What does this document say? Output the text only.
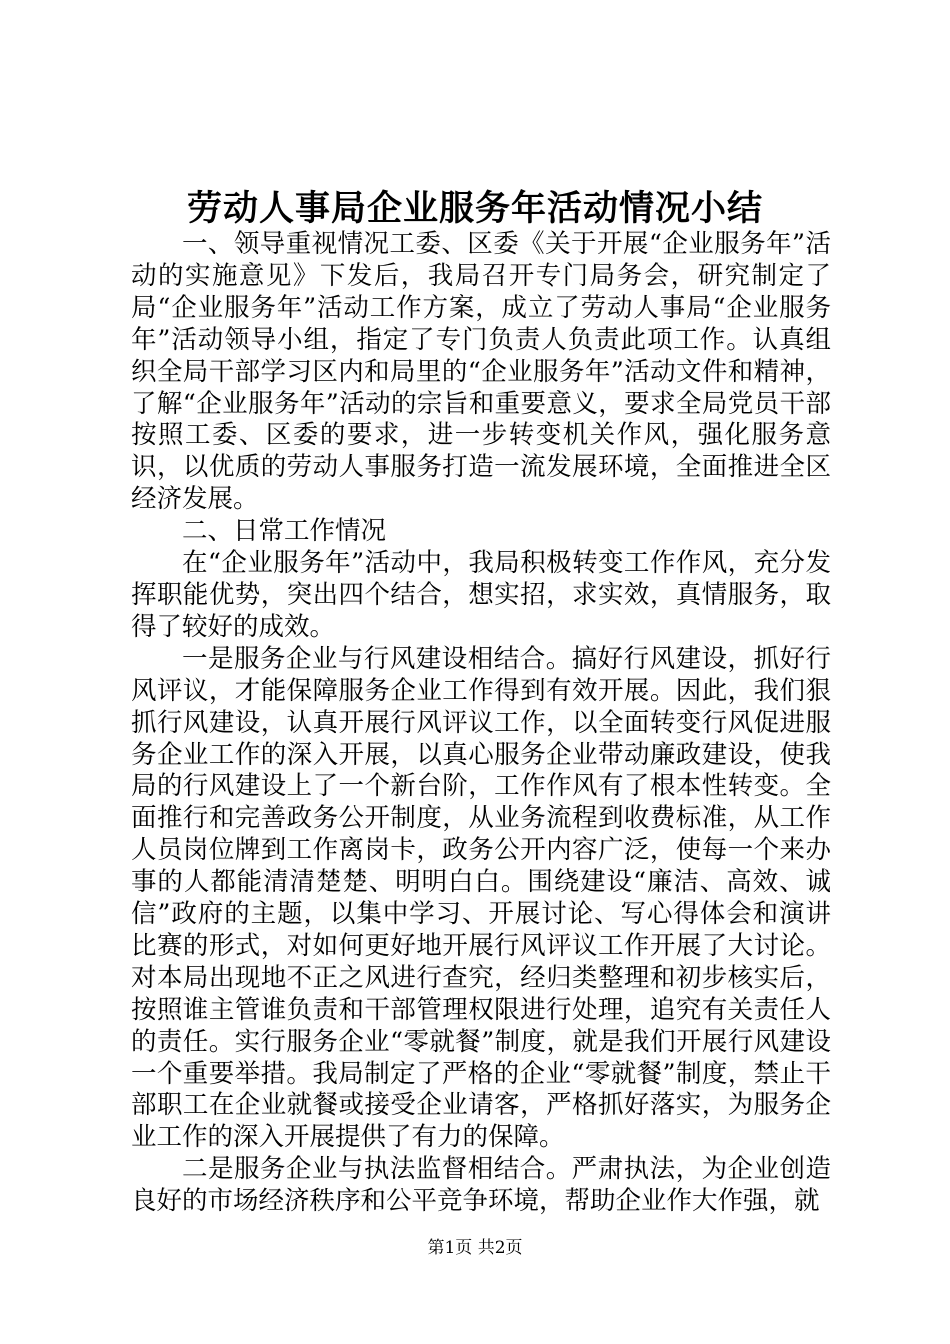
劳动人事局企业服务年活动情况小结

一、领导重视情况工委、区委《关于开展“企业服务年”活动的实施意见》下发后，我局召开专门局务会，研究制定了局“企业服务年”活动工作方案，成立了劳动人事局“企业服务年”活动领导小组，指定了专门负责人负责此项工作。认真组织全局干部学习区内和局里的“企业服务年”活动文件和精神，了解“企业服务年”活动的宗旨和重要意义，要求全局党员干部按照工委、区委的要求，进一步转变机关作风，强化服务意识，以优质的劳动人事服务打造一流发展环境，全面推进全区经济发展。

二、日常工作情况

在“企业服务年”活动中，我局积极转变工作作风，充分发挥职能优势，突出四个结合，想实招，求实效，真情服务，取得了较好的成效。

一是服务企业与行风建设相结合。搞好行风建设，抓好行风评议，才能保障服务企业工作得到有效开展。因此，我们狠抓行风建设，认真开展行风评议工作，以全面转变行风促进服务企业工作的深入开展，以真心服务企业带动廉政建设，使我局的行风建设上了一个新台阶，工作作风有了根本性转变。全面推行和完善政务公开制度，从业务流程到收费标准，从工作人员岗位牌到工作离岗卡，政务公开内容广泛，使每一个来办事的人都能清清楚楚、明明白白。围绕建设“廉洁、高效、诚信”政府的主题，以集中学习、开展讨论、写心得体会和演讲比赛的形式，对如何更好地开展行风评议工作开展了大讨论。对本局出现地不正之风进行查究，经归类整理和初步核实后，按照谁主管谁负责和干部管理权限进行处理，追究有关责任人的责任。实行服务企业“零就餐”制度，就是我们开展行风建设一个重要举措。我局制定了严格的企业“零就餐”制度，禁止干部职工在企业就餐或接受企业请客，严格抓好落实，为服务企业工作的深入开展提供了有力的保障。

二是服务企业与执法监督相结合。严肃执法，为企业创造良好的市场经济秩序和公平竞争环境，帮助企业作大作强，就

第1页 共2页
